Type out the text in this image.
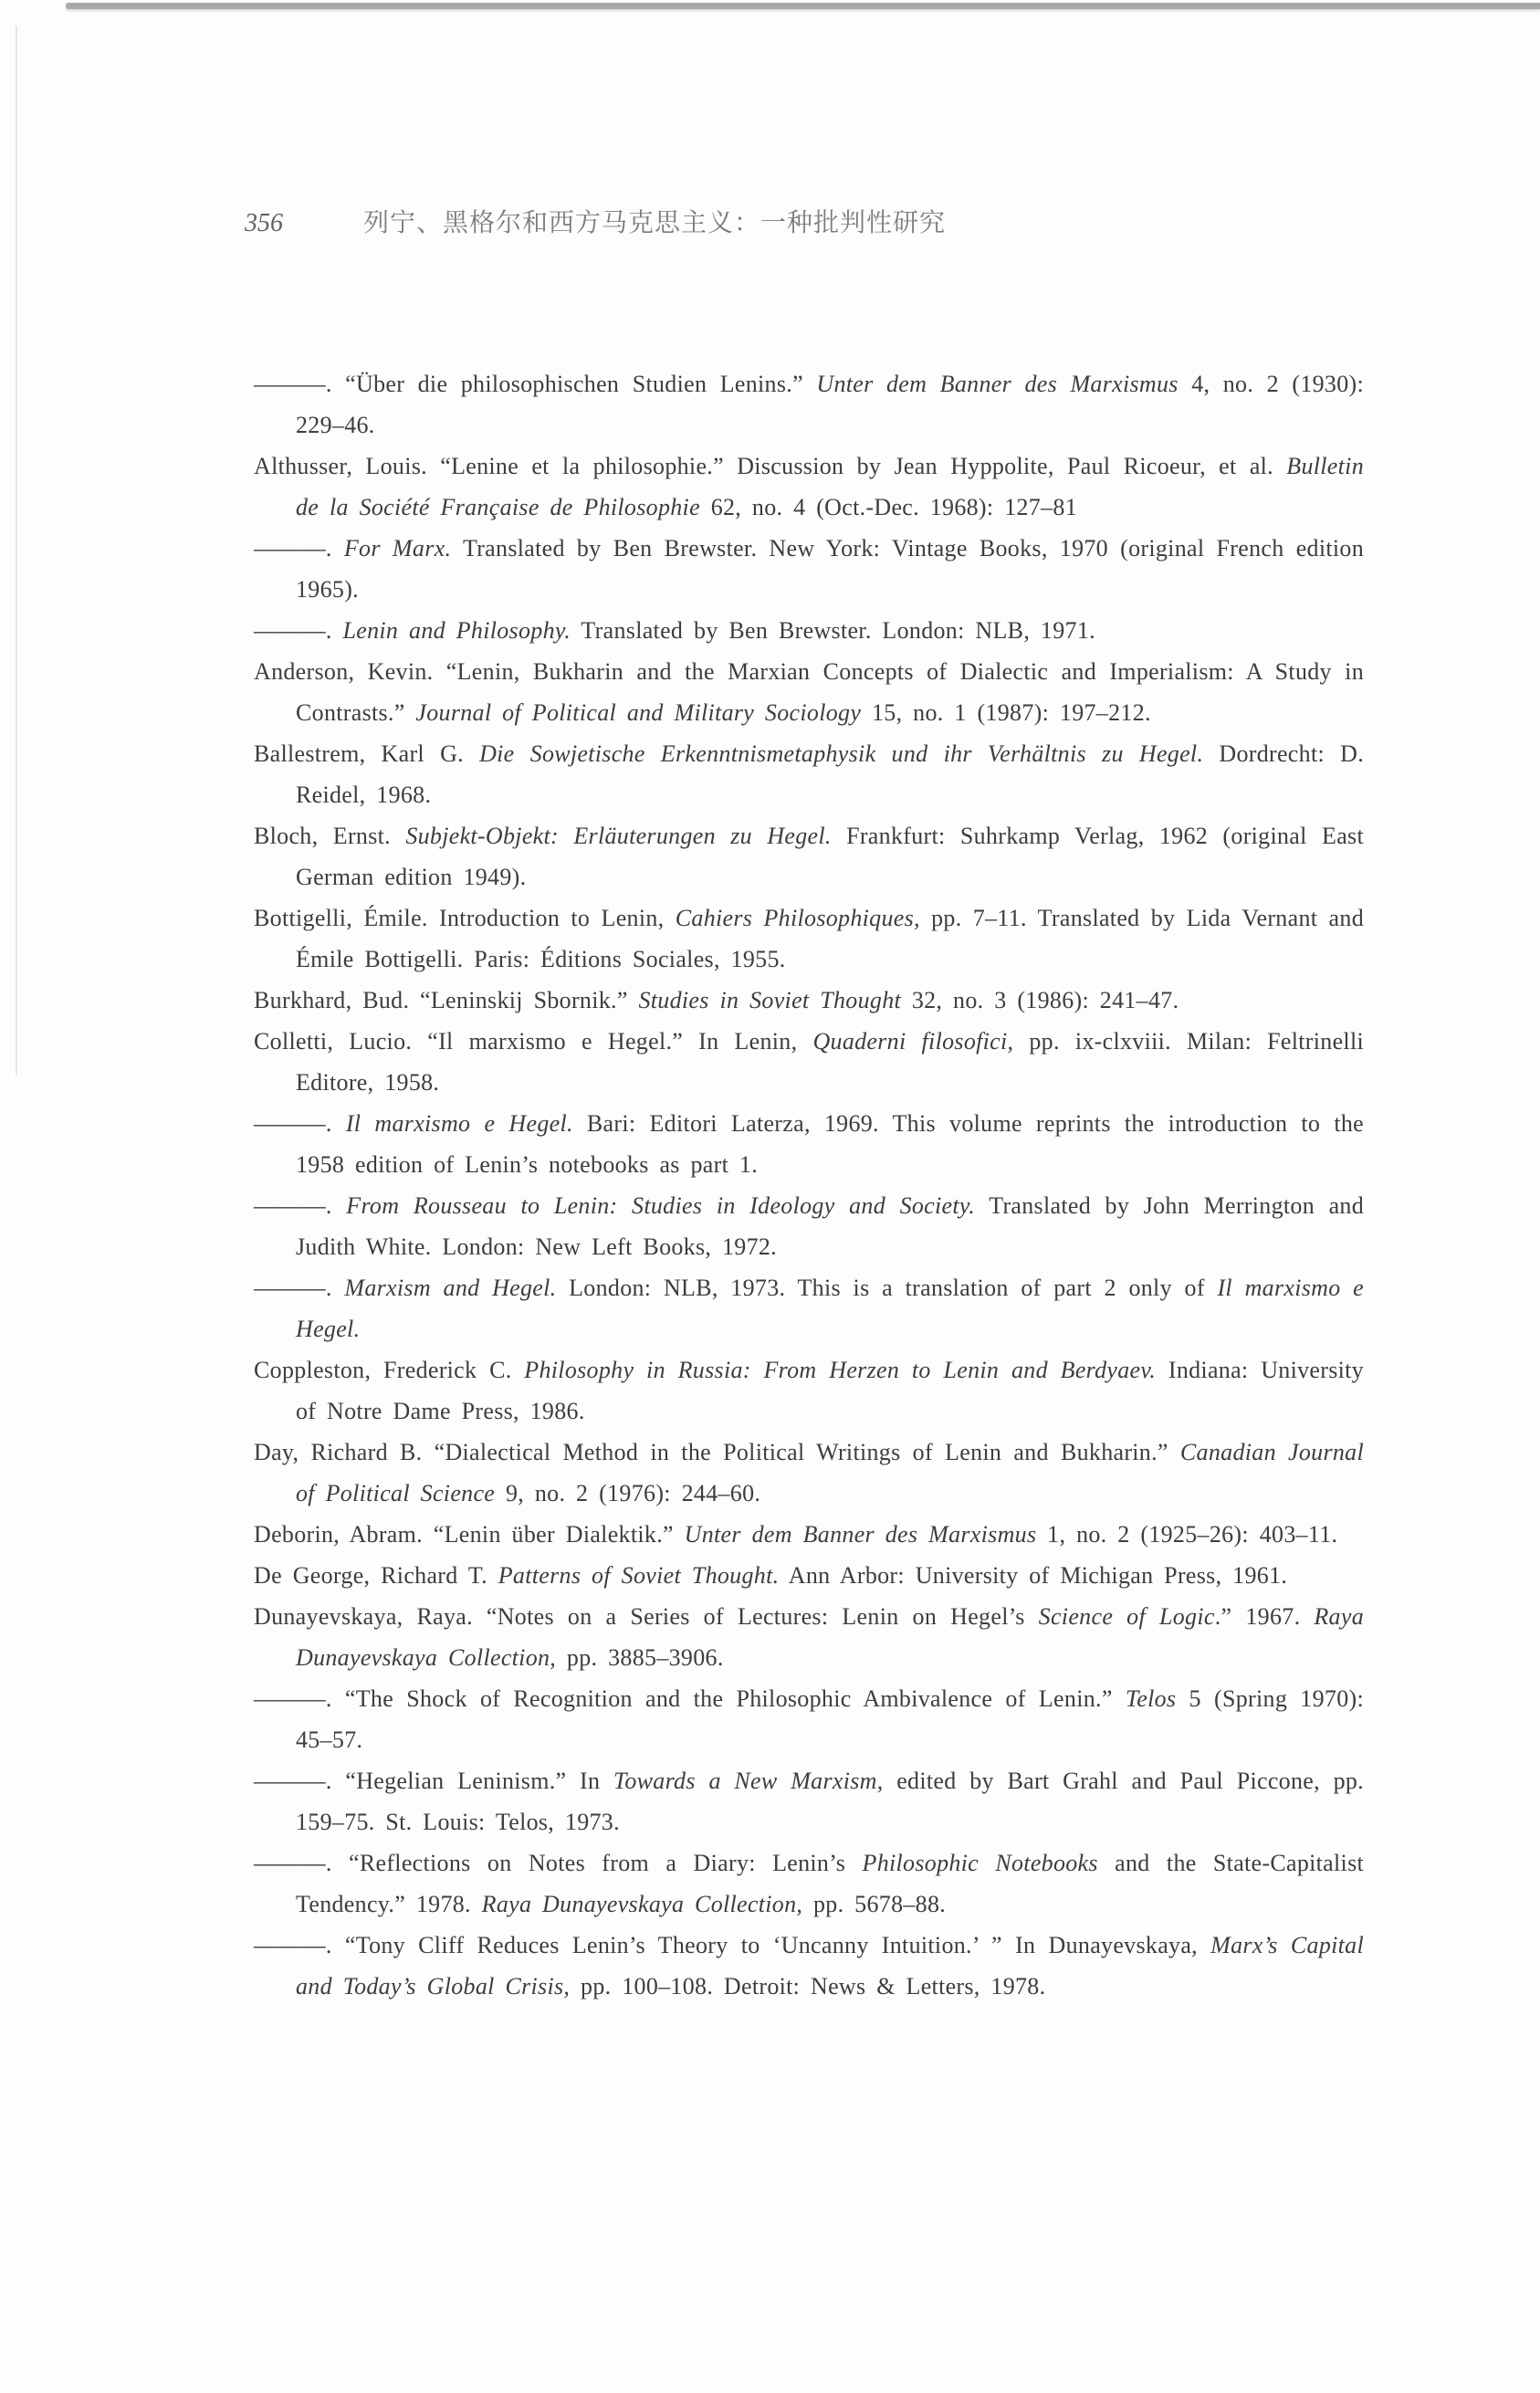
356	列宁、黑格尔和西方马克思主义：一种批判性研究

———. “Über die philosophischen Studien Lenins.” Unter dem Banner des Marxismus 4, no. 2 (1930): 229–46.

Althusser, Louis. “Lenine et la philosophie.” Discussion by Jean Hyppolite, Paul Ricoeur, et al. Bulletin de la Société Française de Philosophie 62, no. 4 (Oct.-Dec. 1968): 127–81

———. For Marx. Translated by Ben Brewster. New York: Vintage Books, 1970 (original French edition 1965).

———. Lenin and Philosophy. Translated by Ben Brewster. London: NLB, 1971.

Anderson, Kevin. “Lenin, Bukharin and the Marxian Concepts of Dialectic and Imperialism: A Study in Contrasts.” Journal of Political and Military Sociology 15, no. 1 (1987): 197–212.

Ballestrem, Karl G. Die Sowjetische Erkenntnismetaphysik und ihr Verhältnis zu Hegel. Dordrecht: D. Reidel, 1968.

Bloch, Ernst. Subjekt-Objekt: Erläuterungen zu Hegel. Frankfurt: Suhrkamp Verlag, 1962 (original East German edition 1949).

Bottigelli, Émile. Introduction to Lenin, Cahiers Philosophiques, pp. 7–11. Translated by Lida Vernant and Émile Bottigelli. Paris: Éditions Sociales, 1955.

Burkhard, Bud. “Leninskij Sbornik.” Studies in Soviet Thought 32, no. 3 (1986): 241–47.

Colletti, Lucio. “Il marxismo e Hegel.” In Lenin, Quaderni filosofici, pp. ix-clxviii. Milan: Feltrinelli Editore, 1958.

———. Il marxismo e Hegel. Bari: Editori Laterza, 1969. This volume reprints the introduction to the 1958 edition of Lenin’s notebooks as part 1.

———. From Rousseau to Lenin: Studies in Ideology and Society. Translated by John Merrington and Judith White. London: New Left Books, 1972.

———. Marxism and Hegel. London: NLB, 1973. This is a translation of part 2 only of Il marxismo e Hegel.

Coppleston, Frederick C. Philosophy in Russia: From Herzen to Lenin and Berdyaev. Indiana: University of Notre Dame Press, 1986.

Day, Richard B. “Dialectical Method in the Political Writings of Lenin and Bukharin.” Canadian Journal of Political Science 9, no. 2 (1976): 244–60.

Deborin, Abram. “Lenin über Dialektik.” Unter dem Banner des Marxismus 1, no. 2 (1925–26): 403–11.

De George, Richard T. Patterns of Soviet Thought. Ann Arbor: University of Michigan Press, 1961.

Dunayevskaya, Raya. “Notes on a Series of Lectures: Lenin on Hegel’s Science of Logic.” 1967. Raya Dunayevskaya Collection, pp. 3885–3906.

———. “The Shock of Recognition and the Philosophic Ambivalence of Lenin.” Telos 5 (Spring 1970): 45–57.

———. “Hegelian Leninism.” In Towards a New Marxism, edited by Bart Grahl and Paul Piccone, pp. 159–75. St. Louis: Telos, 1973.

———. “Reflections on Notes from a Diary: Lenin’s Philosophic Notebooks and the State-Capitalist Tendency.” 1978. Raya Dunayevskaya Collection, pp. 5678–88.

———. “Tony Cliff Reduces Lenin’s Theory to ‘Uncanny Intuition.’ ” In Dunayevskaya, Marx’s Capital and Today’s Global Crisis, pp. 100–108. Detroit: News & Letters, 1978.
